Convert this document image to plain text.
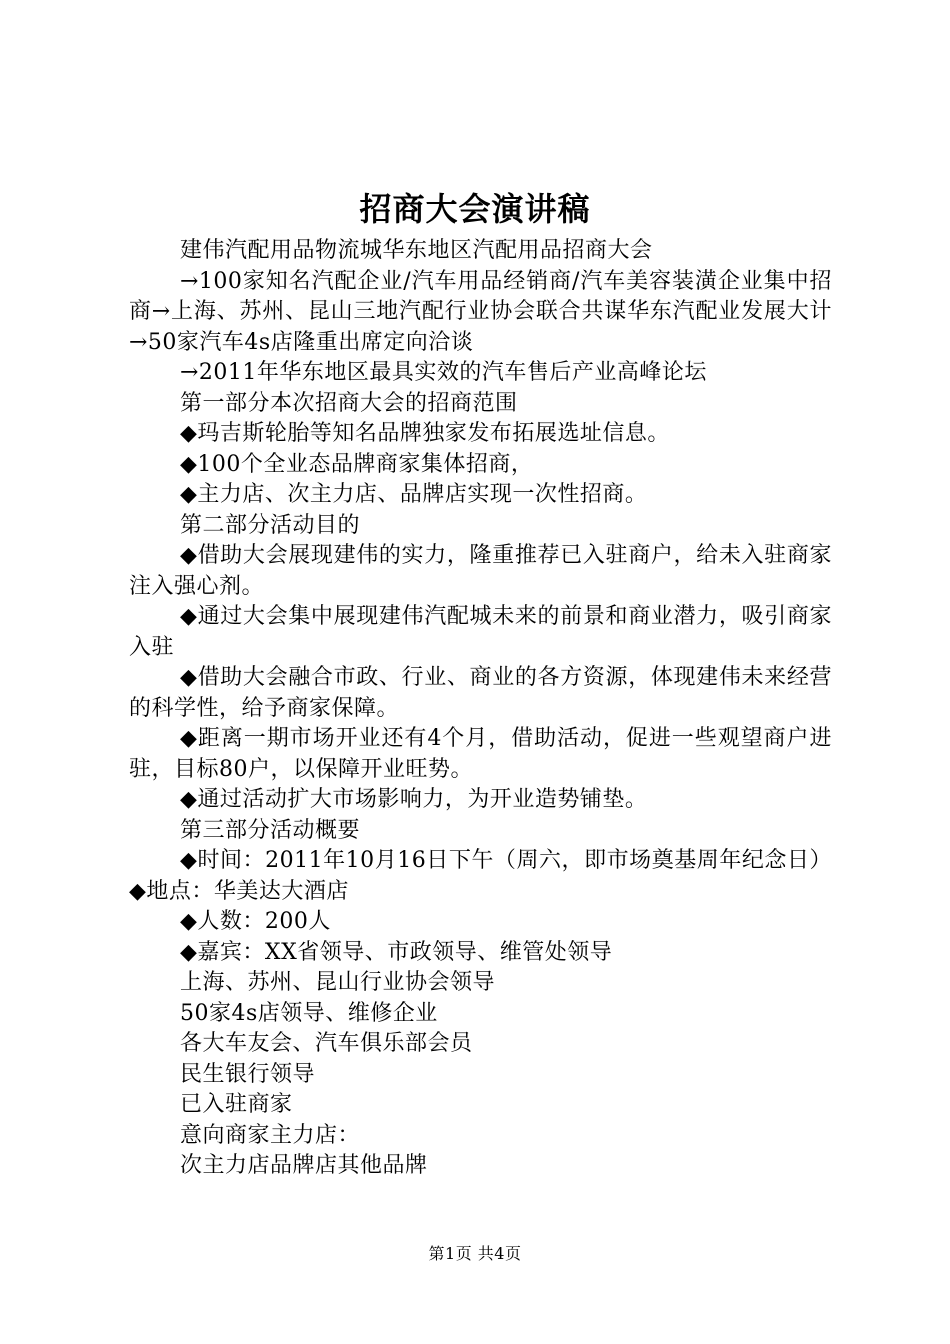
招商大会演讲稿

建伟汽配用品物流城华东地区汽配用品招商大会

→100家知名汽配企业/汽车用品经销商/汽车美容装潢企业集中招商→上海、苏州、昆山三地汽配行业协会联合共谋华东汽配业发展大计→50家汽车4s店隆重出席定向洽谈

→2011年华东地区最具实效的汽车售后产业高峰论坛

第一部分本次招商大会的招商范围

◆玛吉斯轮胎等知名品牌独家发布拓展选址信息。

◆100个全业态品牌商家集体招商，

◆主力店、次主力店、品牌店实现一次性招商。

第二部分活动目的

◆借助大会展现建伟的实力，隆重推荐已入驻商户，给未入驻商家注入强心剂。

◆通过大会集中展现建伟汽配城未来的前景和商业潜力，吸引商家入驻

◆借助大会融合市政、行业、商业的各方资源，体现建伟未来经营的科学性，给予商家保障。

◆距离一期市场开业还有4个月，借助活动，促进一些观望商户进驻，目标80户，以保障开业旺势。

◆通过活动扩大市场影响力，为开业造势铺垫。

第三部分活动概要

◆时间：2011年10月16日下午（周六，即市场奠基周年纪念日）◆地点：华美达大酒店

◆人数：200人

◆嘉宾：XX省领导、市政领导、维管处领导

上海、苏州、昆山行业协会领导

50家4s店领导、维修企业

各大车友会、汽车俱乐部会员

民生银行领导

已入驻商家

意向商家主力店：

次主力店品牌店其他品牌

第1页 共4页
